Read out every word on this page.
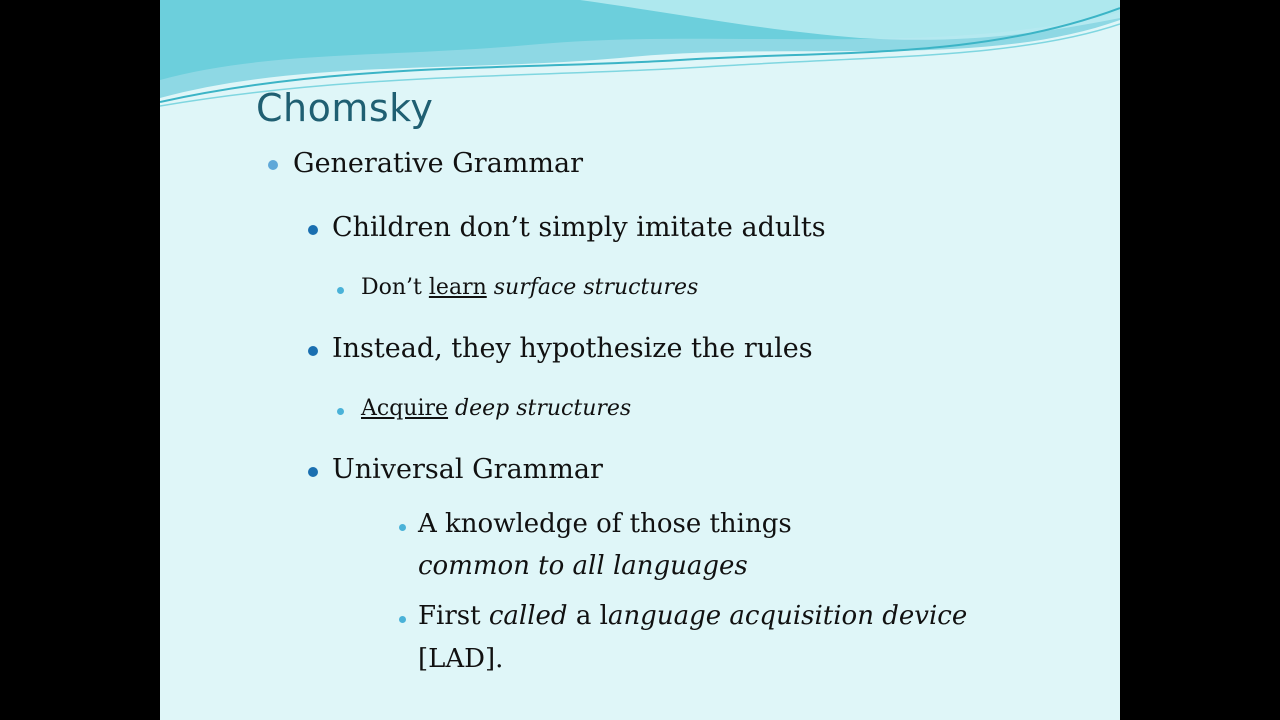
Chomsky
Generative Grammar
Children don’t simply imitate adults
Don’t learn surface structures
Instead, they hypothesize the rules
Acquire deep structures
Universal Grammar
A knowledge of those things
common to all languages
First called a language acquisition device
[LAD].
